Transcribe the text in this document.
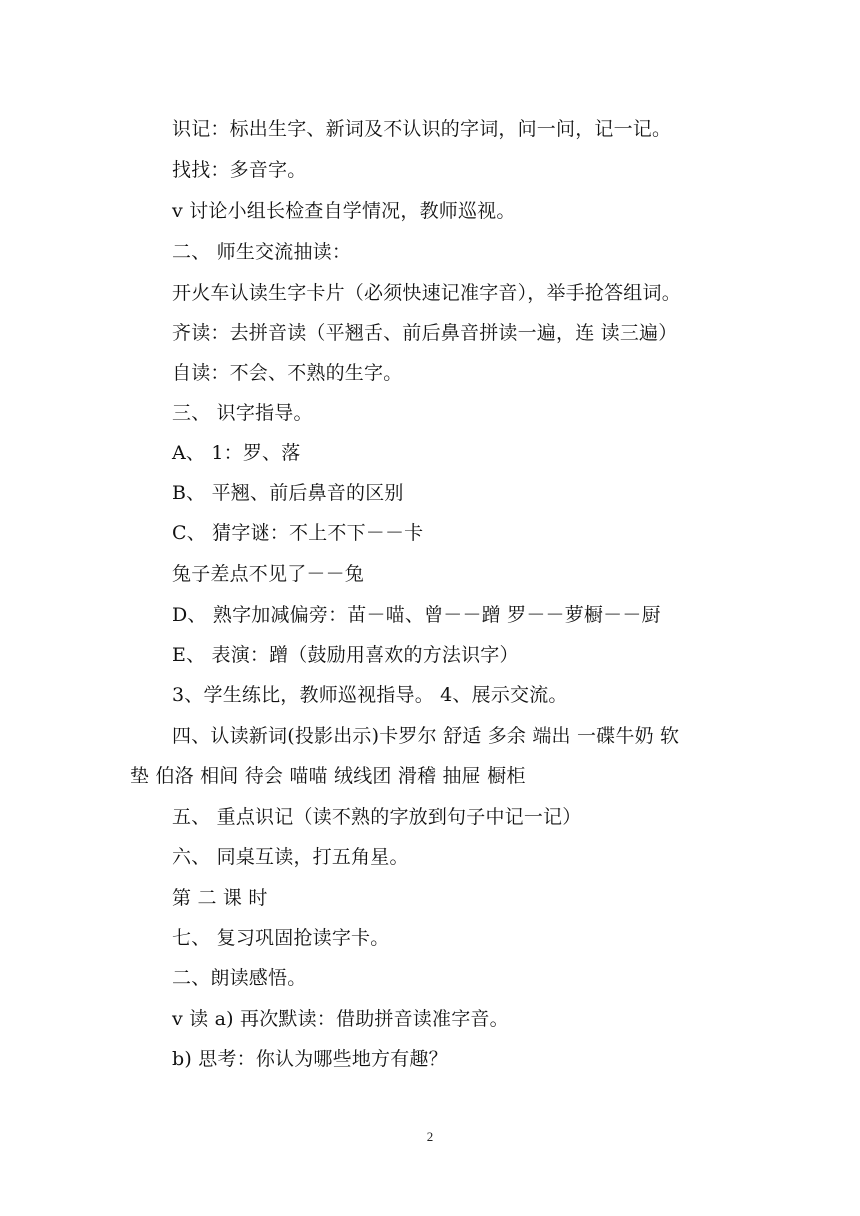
识记：标出生字、新词及不认识的字词，问一问，记一记。
找找：多音字。
v 讨论小组长检查自学情况，教师巡视。
二、 师生交流抽读：
开火车认读生字卡片（必须快速记准字音），举手抢答组词。
齐读：去拼音读（平翘舌、前后鼻音拼读一遍，连 读三遍）
自读：不会、不熟的生字。
三、 识字指导。
A、 1：罗、落
B、 平翘、前后鼻音的区别
C、 猜字谜：不上不下－－卡
兔子差点不见了－－兔
D、 熟字加减偏旁：苗－喵、曾－－蹭 罗－－萝橱－－厨
E、 表演：蹭（鼓励用喜欢的方法识字）
3、学生练比，教师巡视指导。 4、展示交流。
四、认读新词(投影出示)卡罗尔 舒适 多余 端出 一碟牛奶 软
垫 伯洛 相间 待会 喵喵 绒线团 滑稽 抽屉 橱柜
五、 重点识记（读不熟的字放到句子中记一记）
六、 同桌互读，打五角星。
第 二 课 时
七、 复习巩固抢读字卡。
二、朗读感悟。
v 读 a) 再次默读：借助拼音读准字音。
b) 思考：你认为哪些地方有趣？
2
